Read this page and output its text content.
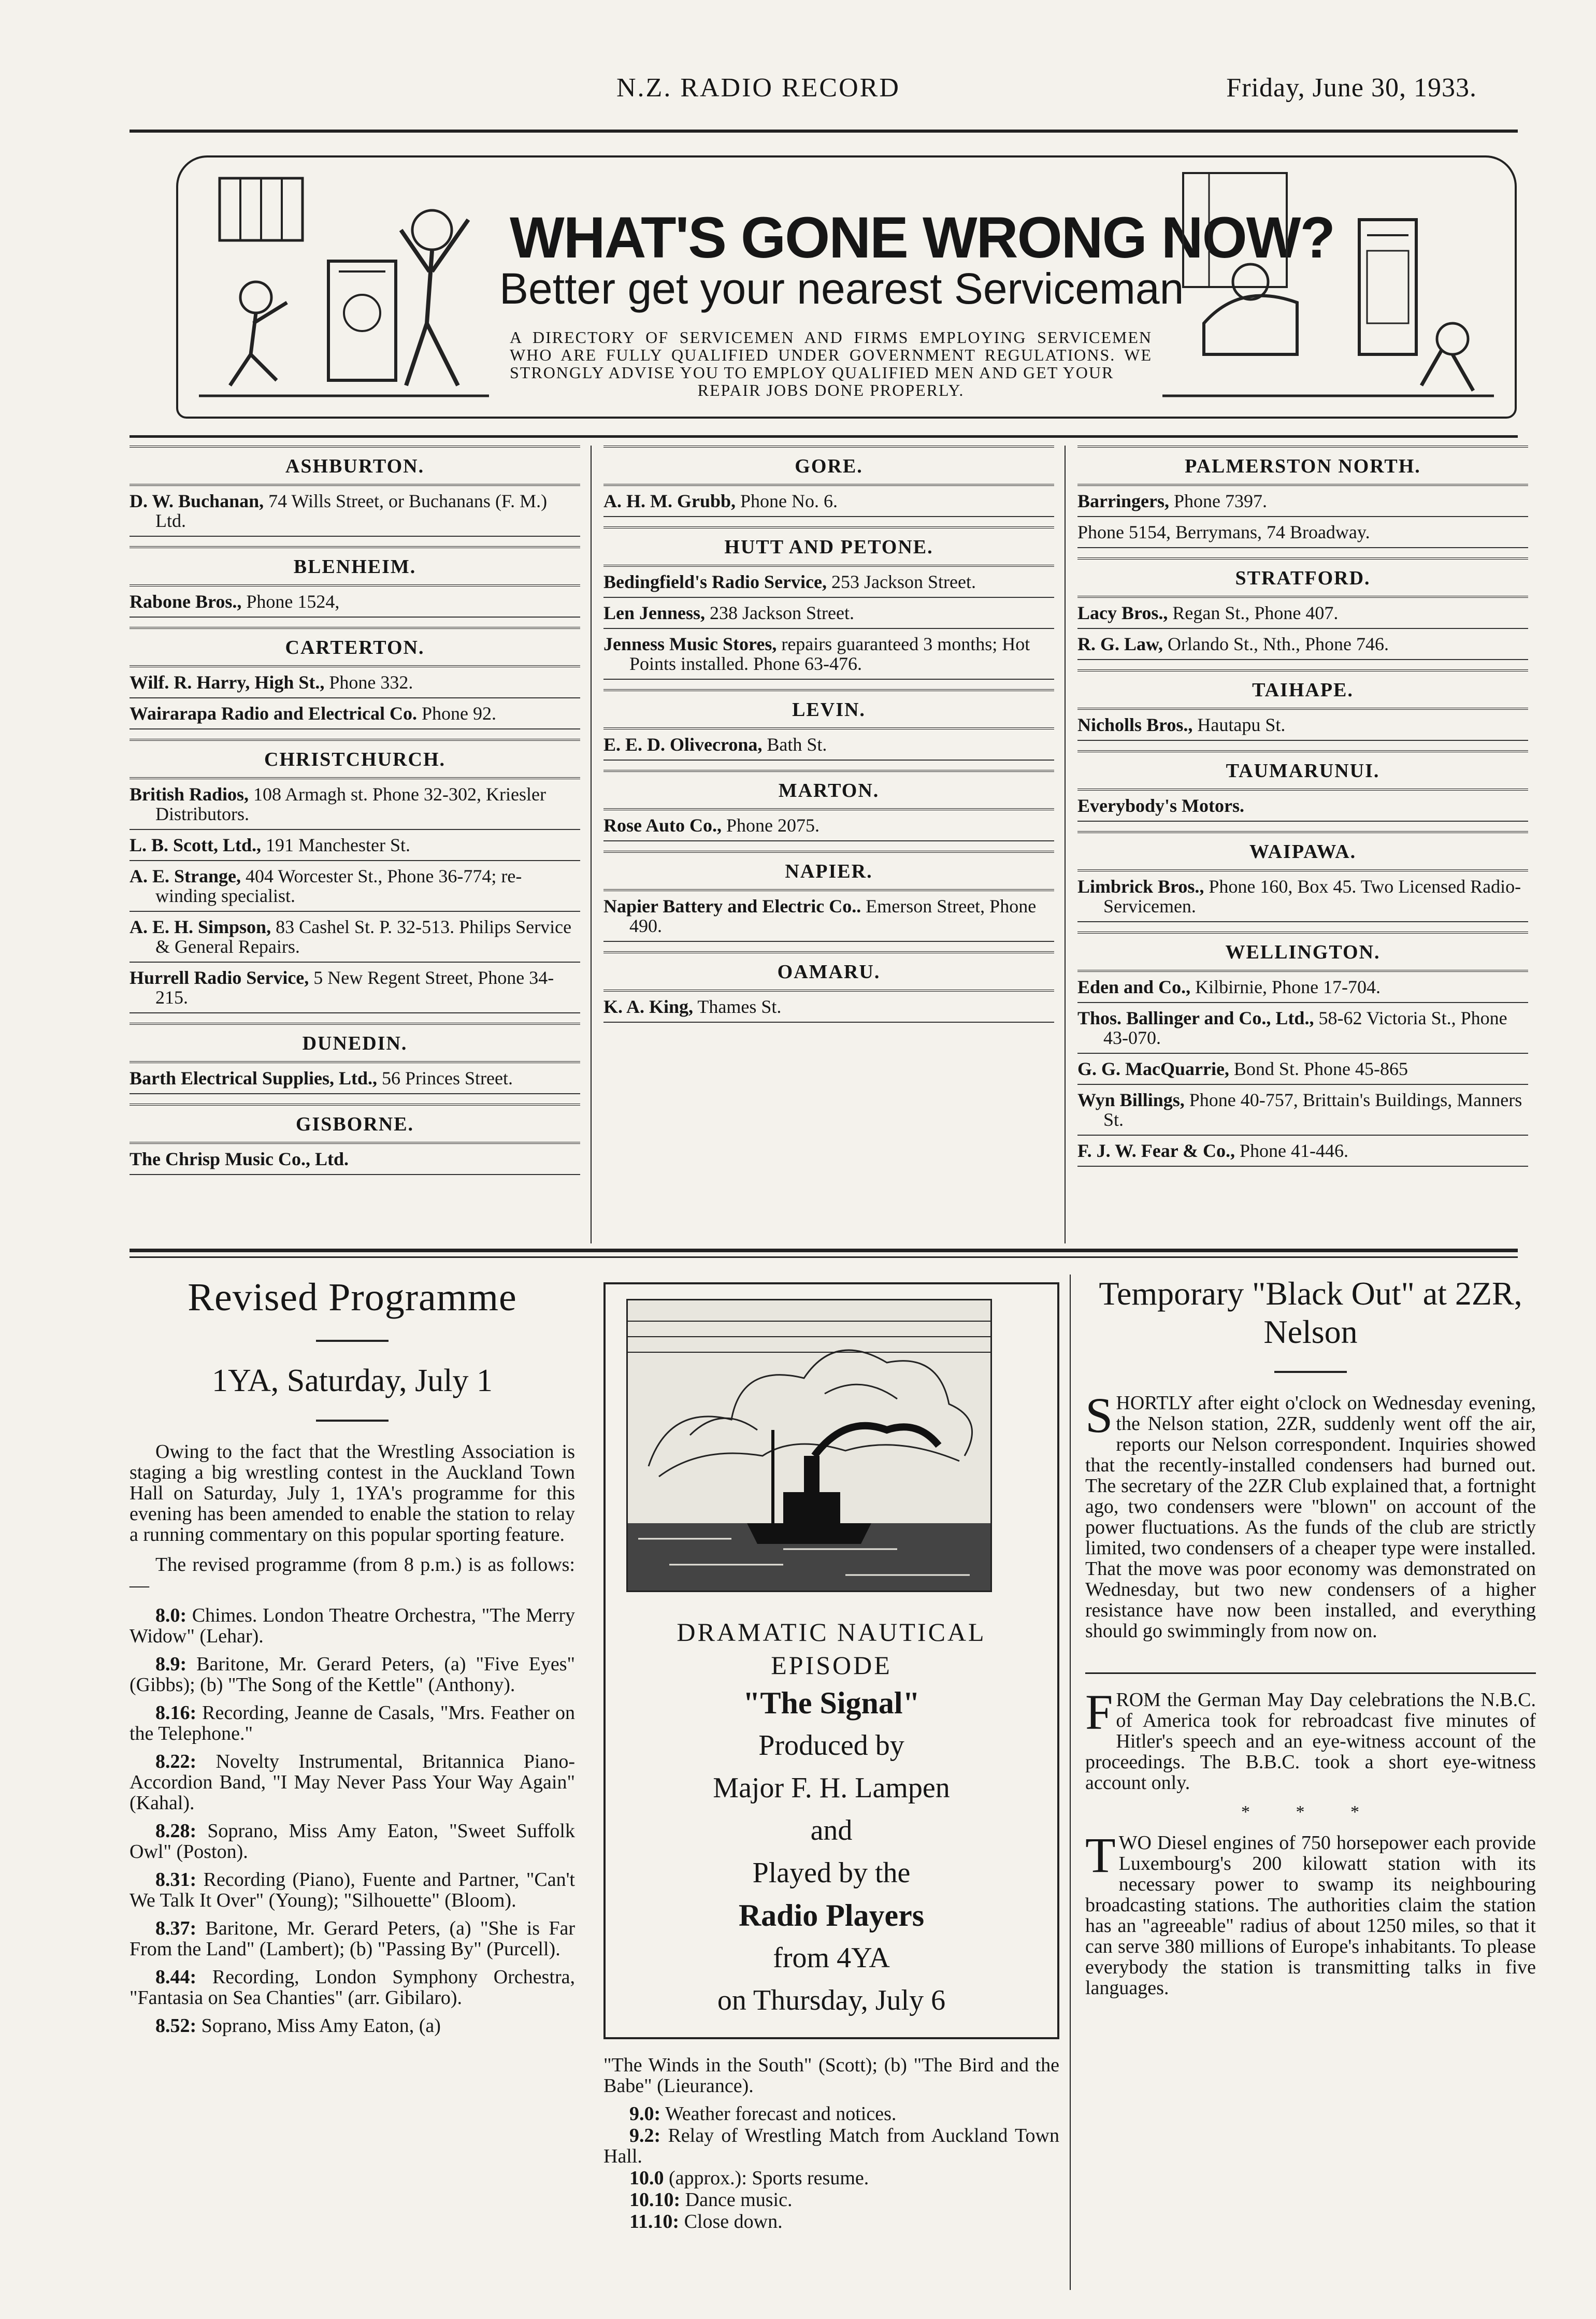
N.Z. RADIO RECORD	Friday, June 30, 1933.
WHAT'S GONE WRONG NOW?
Better get your nearest Serviceman
A DIRECTORY OF SERVICEMEN AND FIRMS EMPLOYING SERVICEMEN WHO ARE FULLY QUALIFIED UNDER GOVERNMENT REGULATIONS. WE STRONGLY ADVISE YOU TO EMPLOY QUALIFIED MEN AND GET YOUR
REPAIR JOBS DONE PROPERLY.
ASHBURTON.
D. W. Buchanan, 74 Wills Street, or Buchanans (F. M.) Ltd.
BLENHEIM.
Rabone Bros., Phone 1524,
CARTERTON.
Wilf. R. Harry, High St., Phone 332.
Wairarapa Radio and Electrical Co. Phone 92.
CHRISTCHURCH.
British Radios, 108 Armagh st. Phone 32-302, Kriesler Distributors.
L. B. Scott, Ltd., 191 Manchester St.
A. E. Strange, 404 Worcester St., Phone 36-774; re-winding specialist.
A. E. H. Simpson, 83 Cashel St. P. 32-513. Philips Service & General Repairs.
Hurrell Radio Service, 5 New Regent Street, Phone 34-215.
DUNEDIN.
Barth Electrical Supplies, Ltd., 56 Princes Street.
GISBORNE.
The Chrisp Music Co., Ltd.
GORE.
A. H. M. Grubb, Phone No. 6.
HUTT AND PETONE.
Bedingfield's Radio Service, 253 Jackson Street.
Len Jenness, 238 Jackson Street.
Jenness Music Stores, repairs guaranteed 3 months; Hot Points installed. Phone 63-476.
LEVIN.
E. E. D. Olivecrona, Bath St.
MARTON.
Rose Auto Co., Phone 2075.
NAPIER.
Napier Battery and Electric Co.. Emerson Street, Phone 490.
OAMARU.
K. A. King, Thames St.
PALMERSTON NORTH.
Barringers, Phone 7397.
Phone 5154, Berrymans, 74 Broadway.
STRATFORD.
Lacy Bros., Regan St., Phone 407.
R. G. Law, Orlando St., Nth., Phone 746.
TAIHAPE.
Nicholls Bros., Hautapu St.
TAUMARUNUI.
Everybody's Motors.
WAIPAWA.
Limbrick Bros., Phone 160, Box 45. Two Licensed Radio-Servicemen.
WELLINGTON.
Eden and Co., Kilbirnie, Phone 17-704.
Thos. Ballinger and Co., Ltd., 58-62 Victoria St., Phone 43-070.
G. G. MacQuarrie, Bond St. Phone 45-865
Wyn Billings, Phone 40-757, Brittain's Buildings, Manners St.
F. J. W. Fear & Co., Phone 41-446.
Revised Programme
1YA, Saturday, July 1

Owing to the fact that the Wrestling Association is staging a big wrestling contest in the Auckland Town Hall on Saturday, July 1, 1YA's programme for this evening has been amended to enable the station to relay a running commentary on this popular sporting feature.

The revised programme (from 8 p.m.) is as follows:—

8.0: Chimes. London Theatre Orchestra, "The Merry Widow" (Lehar).

8.9: Baritone, Mr. Gerard Peters, (a) "Five Eyes" (Gibbs); (b) "The Song of the Kettle" (Anthony).

8.16: Recording, Jeanne de Casals, "Mrs. Feather on the Telephone."

8.22: Novelty Instrumental, Britannica Piano-Accordion Band, "I May Never Pass Your Way Again" (Kahal).

8.28: Soprano, Miss Amy Eaton, "Sweet Suffolk Owl" (Poston).

8.31: Recording (Piano), Fuente and Partner, "Can't We Talk It Over" (Young); "Silhouette" (Bloom).

8.37: Baritone, Mr. Gerard Peters, (a) "She is Far From the Land" (Lambert); (b) "Passing By" (Purcell).

8.44: Recording, London Symphony Orchestra, "Fantasia on Sea Chanties" (arr. Gibilaro).

8.52: Soprano, Miss Amy Eaton, (a)

DRAMATIC NAUTICAL
EPISODE
"The Signal"
Produced by
Major F. H. Lampen
and
Played by the
Radio Players
from 4YA
on Thursday, July 6

"The Winds in the South" (Scott); (b) "The Bird and the Babe" (Lieurance).

9.0: Weather forecast and notices.

9.2: Relay of Wrestling Match from Auckland Town Hall.

10.0 (approx.): Sports resume.

10.10: Dance music.

11.10: Close down.

Temporary "Black Out" at 2ZR, Nelson

SHORTLY after eight o'clock on Wednesday evening, the Nelson station, 2ZR, suddenly went off the air, reports our Nelson correspondent. Inquiries showed that the recently-installed condensers had burned out. The secretary of the 2ZR Club explained that, a fortnight ago, two condensers were "blown" on account of the power fluctuations. As the funds of the club are strictly limited, two condensers of a cheaper type were installed. That the move was poor economy was demonstrated on Wednesday, but two new condensers of a higher resistance have now been installed, and everything should go swimmingly from now on.

FROM the German May Day celebrations the N.B.C. of America took for rebroadcast five minutes of Hitler's speech and an eye-witness account of the proceedings. The B.B.C. took a short eye-witness account only.

* * *

TWO Diesel engines of 750 horsepower each provide Luxembourg's 200 kilowatt station with its necessary power to swamp its neighbouring broadcasting stations. The authorities claim the station has an "agreeable" radius of about 1250 miles, so that it can serve 380 millions of Europe's inhabitants. To please everybody the station is transmitting talks in five languages.
